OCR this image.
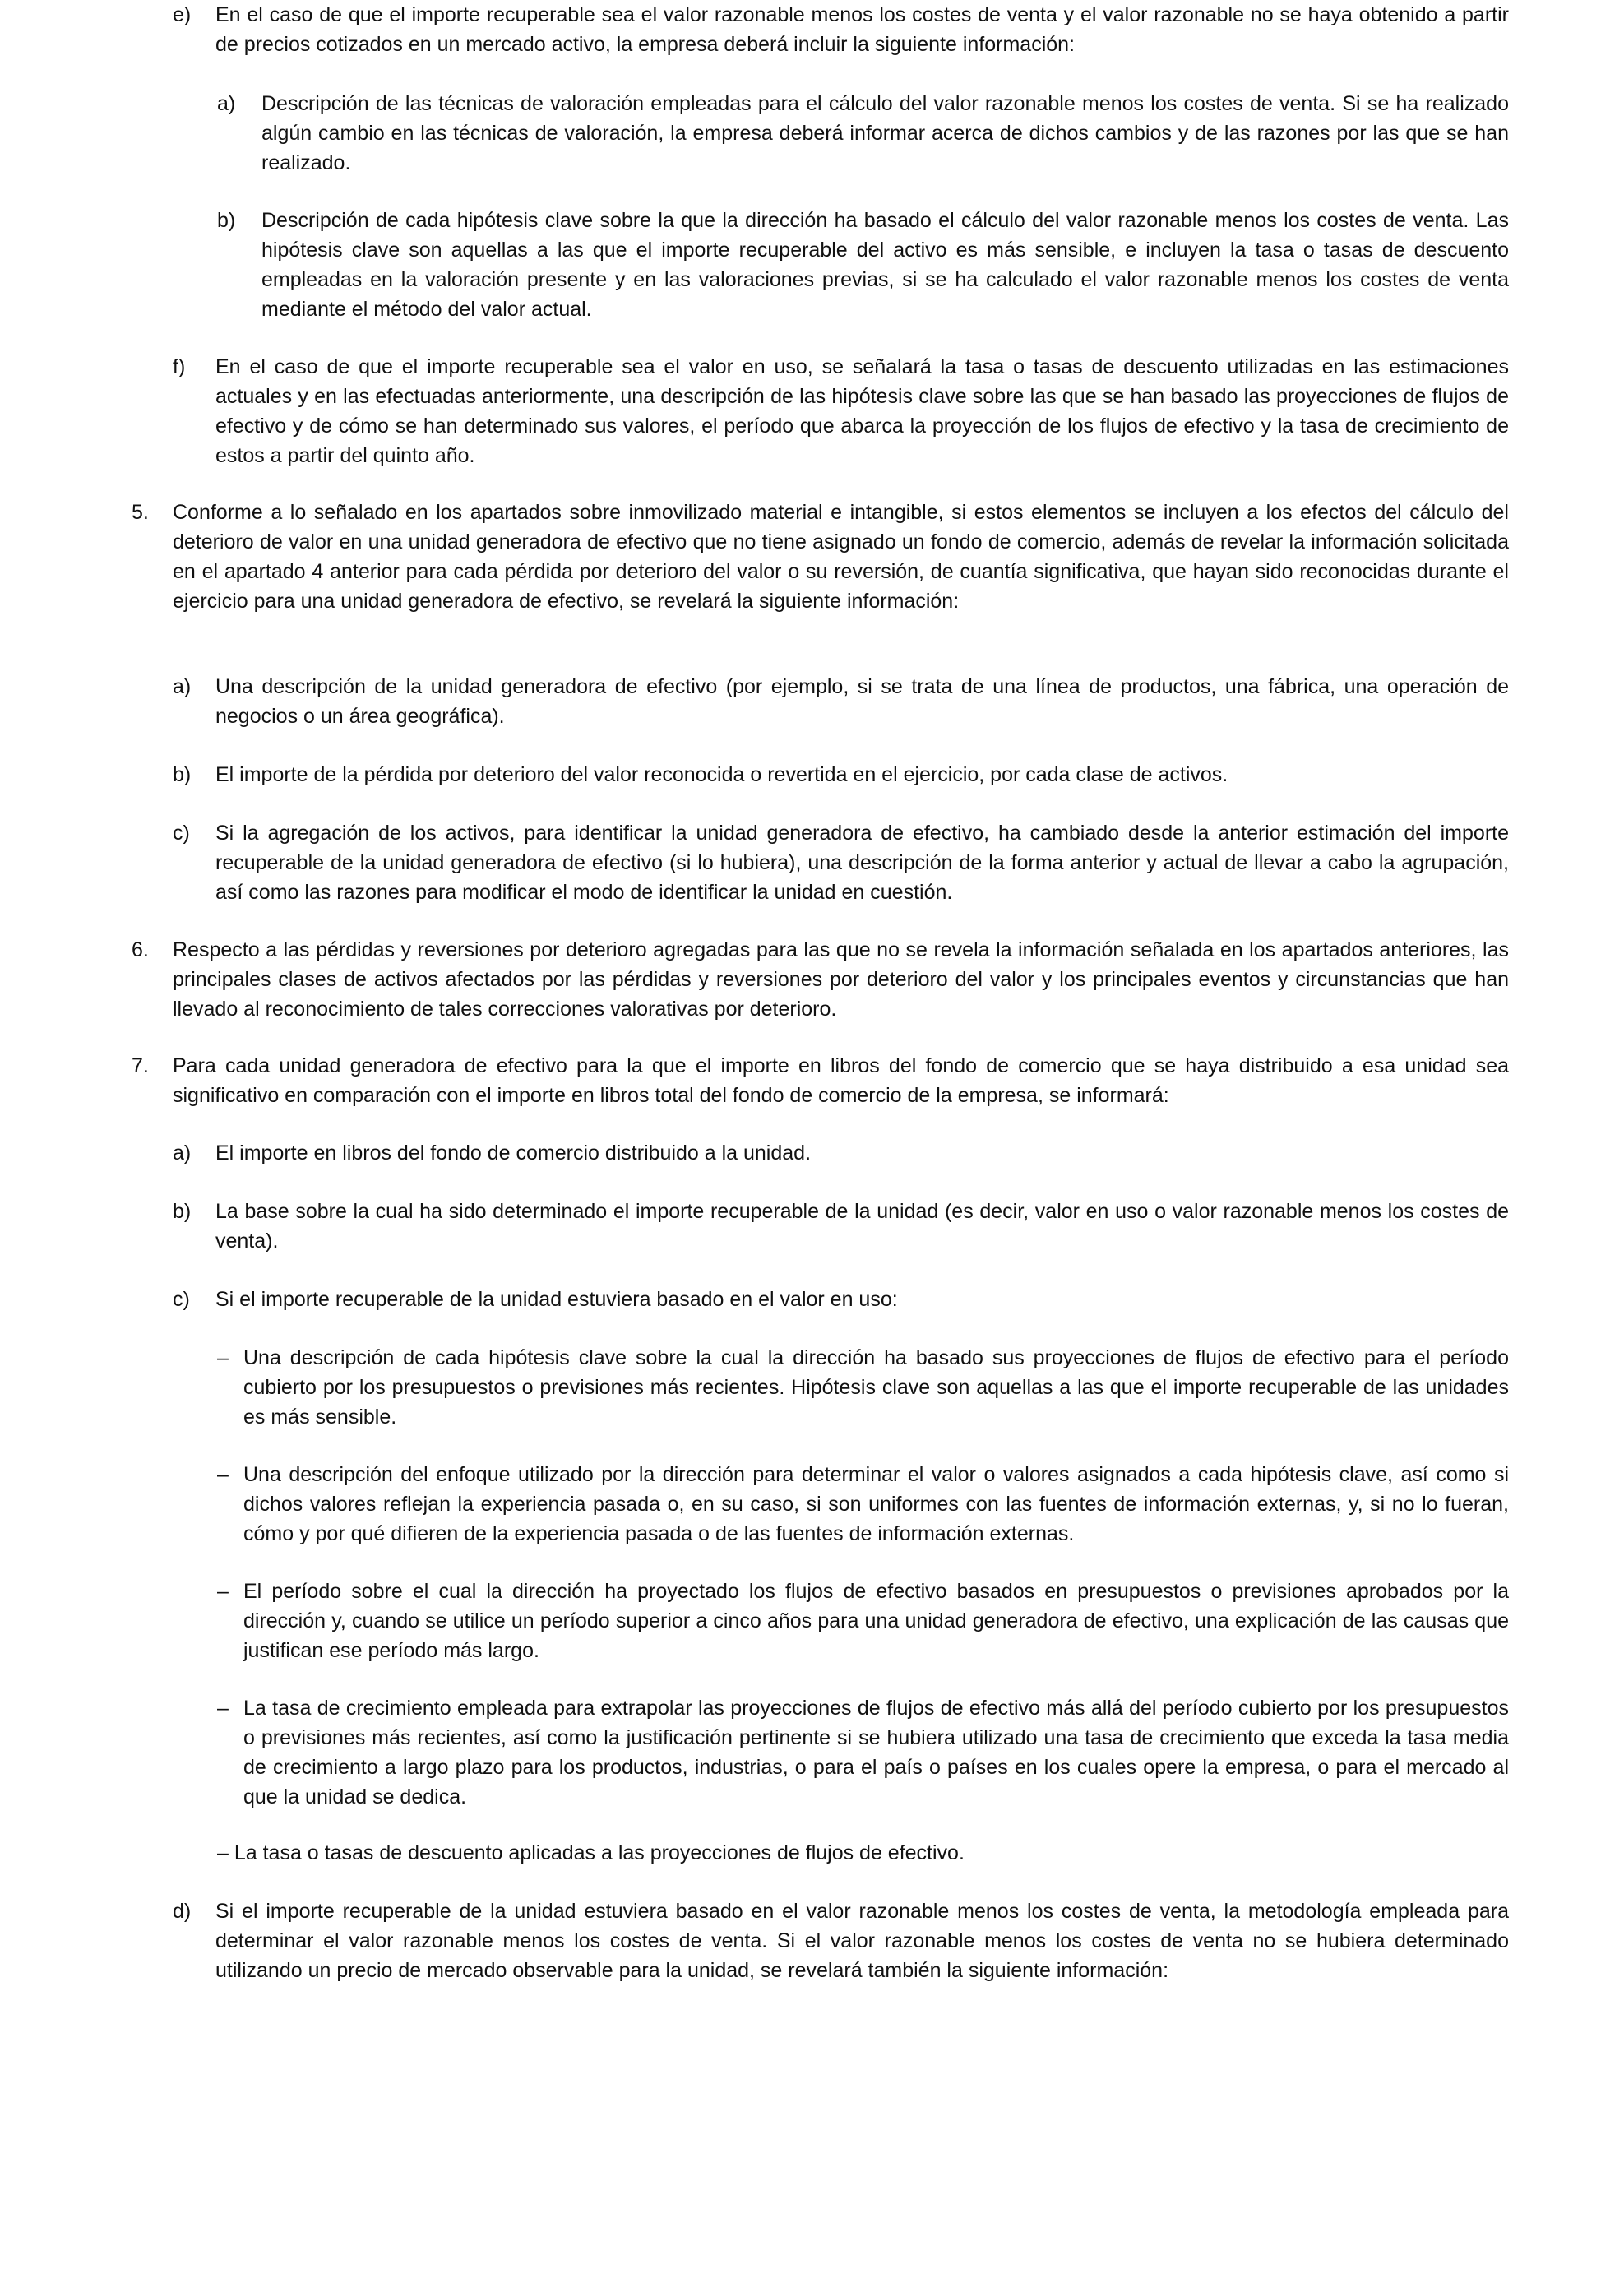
e) En el caso de que el importe recuperable sea el valor razonable menos los costes de venta y el valor razonable no se haya obtenido a partir de precios cotizados en un mercado activo, la empresa deberá incluir la siguiente información:
a) Descripción de las técnicas de valoración empleadas para el cálculo del valor razonable menos los costes de venta. Si se ha realizado algún cambio en las técnicas de valoración, la empresa deberá informar acerca de dichos cambios y de las razones por las que se han realizado.
b) Descripción de cada hipótesis clave sobre la que la dirección ha basado el cálculo del valor razonable menos los costes de venta. Las hipótesis clave son aquellas a las que el importe recuperable del activo es más sensible, e incluyen la tasa o tasas de descuento empleadas en la valoración presente y en las valoraciones previas, si se ha calculado el valor razonable menos los costes de venta mediante el método del valor actual.
f) En el caso de que el importe recuperable sea el valor en uso, se señalará la tasa o tasas de descuento utilizadas en las estimaciones actuales y en las efectuadas anteriormente, una descripción de las hipótesis clave sobre las que se han basado las proyecciones de flujos de efectivo y de cómo se han determinado sus valores, el período que abarca la proyección de los flujos de efectivo y la tasa de crecimiento de estos a partir del quinto año.
5. Conforme a lo señalado en los apartados sobre inmovilizado material e intangible, si estos elementos se incluyen a los efectos del cálculo del deterioro de valor en una unidad generadora de efectivo que no tiene asignado un fondo de comercio, además de revelar la información solicitada en el apartado 4 anterior para cada pérdida por deterioro del valor o su reversión, de cuantía significativa, que hayan sido reconocidas durante el ejercicio para una unidad generadora de efectivo, se revelará la siguiente información:
a) Una descripción de la unidad generadora de efectivo (por ejemplo, si se trata de una línea de productos, una fábrica, una operación de negocios o un área geográfica).
b) El importe de la pérdida por deterioro del valor reconocida o revertida en el ejercicio, por cada clase de activos.
c) Si la agregación de los activos, para identificar la unidad generadora de efectivo, ha cambiado desde la anterior estimación del importe recuperable de la unidad generadora de efectivo (si lo hubiera), una descripción de la forma anterior y actual de llevar a cabo la agrupación, así como las razones para modificar el modo de identificar la unidad en cuestión.
6. Respecto a las pérdidas y reversiones por deterioro agregadas para las que no se revela la información señalada en los apartados anteriores, las principales clases de activos afectados por las pérdidas y reversiones por deterioro del valor y los principales eventos y circunstancias que han llevado al reconocimiento de tales correcciones valorativas por deterioro.
7. Para cada unidad generadora de efectivo para la que el importe en libros del fondo de comercio que se haya distribuido a esa unidad sea significativo en comparación con el importe en libros total del fondo de comercio de la empresa, se informará:
a) El importe en libros del fondo de comercio distribuido a la unidad.
b) La base sobre la cual ha sido determinado el importe recuperable de la unidad (es decir, valor en uso o valor razonable menos los costes de venta).
c) Si el importe recuperable de la unidad estuviera basado en el valor en uso:
– Una descripción de cada hipótesis clave sobre la cual la dirección ha basado sus proyecciones de flujos de efectivo para el período cubierto por los presupuestos o previsiones más recientes. Hipótesis clave son aquellas a las que el importe recuperable de las unidades es más sensible.
– Una descripción del enfoque utilizado por la dirección para determinar el valor o valores asignados a cada hipótesis clave, así como si dichos valores reflejan la experiencia pasada o, en su caso, si son uniformes con las fuentes de información externas, y, si no lo fueran, cómo y por qué difieren de la experiencia pasada o de las fuentes de información externas.
– El período sobre el cual la dirección ha proyectado los flujos de efectivo basados en presupuestos o previsiones aprobados por la dirección y, cuando se utilice un período superior a cinco años para una unidad generadora de efectivo, una explicación de las causas que justifican ese período más largo.
– La tasa de crecimiento empleada para extrapolar las proyecciones de flujos de efectivo más allá del período cubierto por los presupuestos o previsiones más recientes, así como la justificación pertinente si se hubiera utilizado una tasa de crecimiento que exceda la tasa media de crecimiento a largo plazo para los productos, industrias, o para el país o países en los cuales opere la empresa, o para el mercado al que la unidad se dedica.
– La tasa o tasas de descuento aplicadas a las proyecciones de flujos de efectivo.
d) Si el importe recuperable de la unidad estuviera basado en el valor razonable menos los costes de venta, la metodología empleada para determinar el valor razonable menos los costes de venta. Si el valor razonable menos los costes de venta no se hubiera determinado utilizando un precio de mercado observable para la unidad, se revelará también la siguiente información:
